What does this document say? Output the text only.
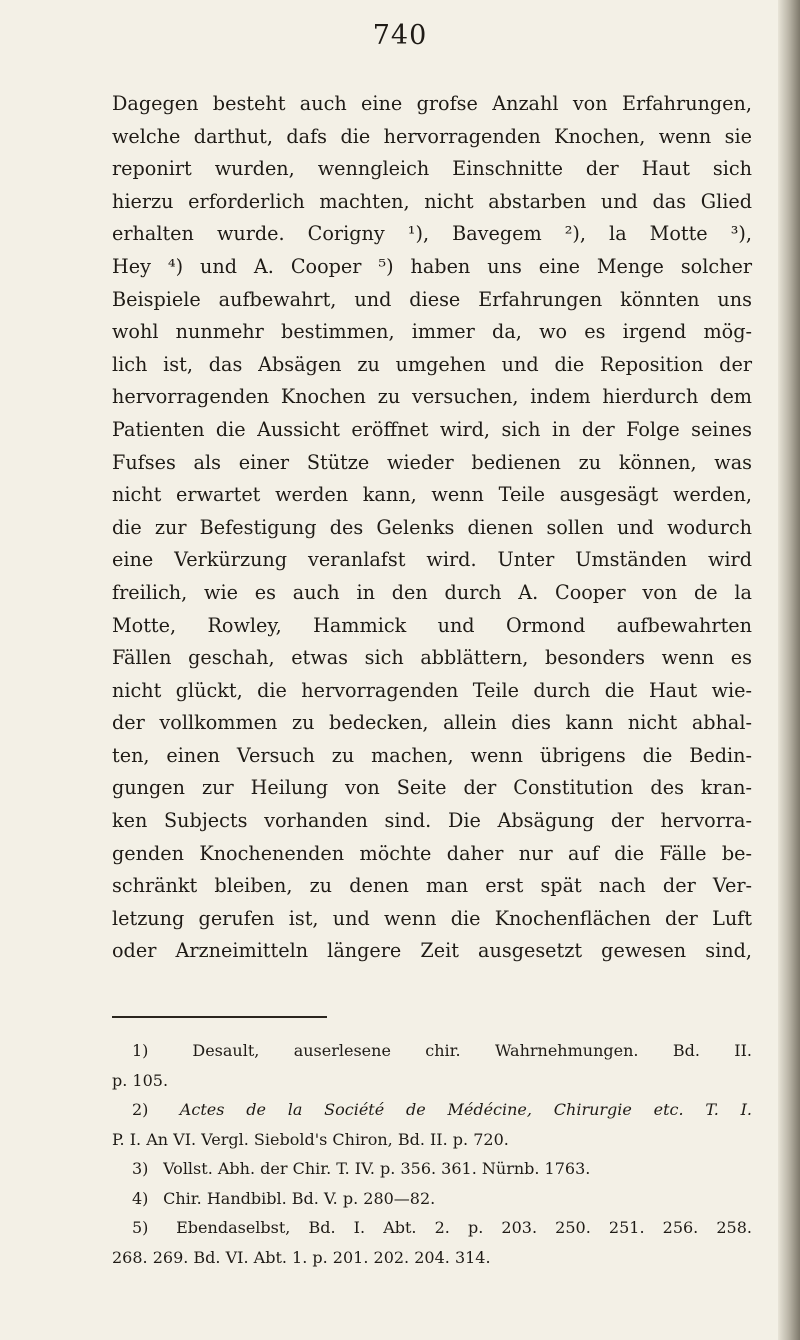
740
Dagegen besteht auch eine grofse Anzahl von Erfahrungen,
welche darthut, dafs die hervorragenden Knochen, wenn sie
reponirt wurden, wenngleich Einschnitte der Haut sich
hierzu erforderlich machten, nicht abstarben und das Glied
erhalten wurde. Corigny ¹), Bavegem ²), la Motte ³),
Hey ⁴) und A. Cooper ⁵) haben uns eine Menge solcher
Beispiele aufbewahrt, und diese Erfahrungen könnten uns
wohl nunmehr bestimmen, immer da, wo es irgend mög-
lich ist, das Absägen zu umgehen und die Reposition der
hervorragenden Knochen zu versuchen, indem hierdurch dem
Patienten die Aussicht eröffnet wird, sich in der Folge seines
Fufses als einer Stütze wieder bedienen zu können, was
nicht erwartet werden kann, wenn Teile ausgesägt werden,
die zur Befestigung des Gelenks dienen sollen und wodurch
eine Verkürzung veranlafst wird. Unter Umständen wird
freilich, wie es auch in den durch A. Cooper von de la
Motte, Rowley, Hammick und Ormond aufbewahrten
Fällen geschah, etwas sich abblättern, besonders wenn es
nicht glückt, die hervorragenden Teile durch die Haut wie-
der vollkommen zu bedecken, allein dies kann nicht abhal-
ten, einen Versuch zu machen, wenn übrigens die Bedin-
gungen zur Heilung von Seite der Constitution des kran-
ken Subjects vorhanden sind. Die Absägung der hervorra-
genden Knochenenden möchte daher nur auf die Fälle be-
schränkt bleiben, zu denen man erst spät nach der Ver-
letzung gerufen ist, und wenn die Knochenflächen der Luft
oder Arzneimitteln längere Zeit ausgesetzt gewesen sind,
1)	Desault, auserlesene chir. Wahrnehmungen. Bd. II.
p. 105.
2) Actes de la Société de Médécine, Chirurgie etc. T. I.
P. I. An VI. Vergl. Siebold's Chiron, Bd. II. p. 720.
3) Vollst. Abh. der Chir. T. IV. p. 356. 361. Nürnb. 1763.
4) Chir. Handbibl. Bd. V. p. 280—82.
5) Ebendaselbst, Bd. I. Abt. 2. p. 203. 250. 251. 256. 258.
268. 269. Bd. VI. Abt. 1. p. 201. 202. 204. 314.
